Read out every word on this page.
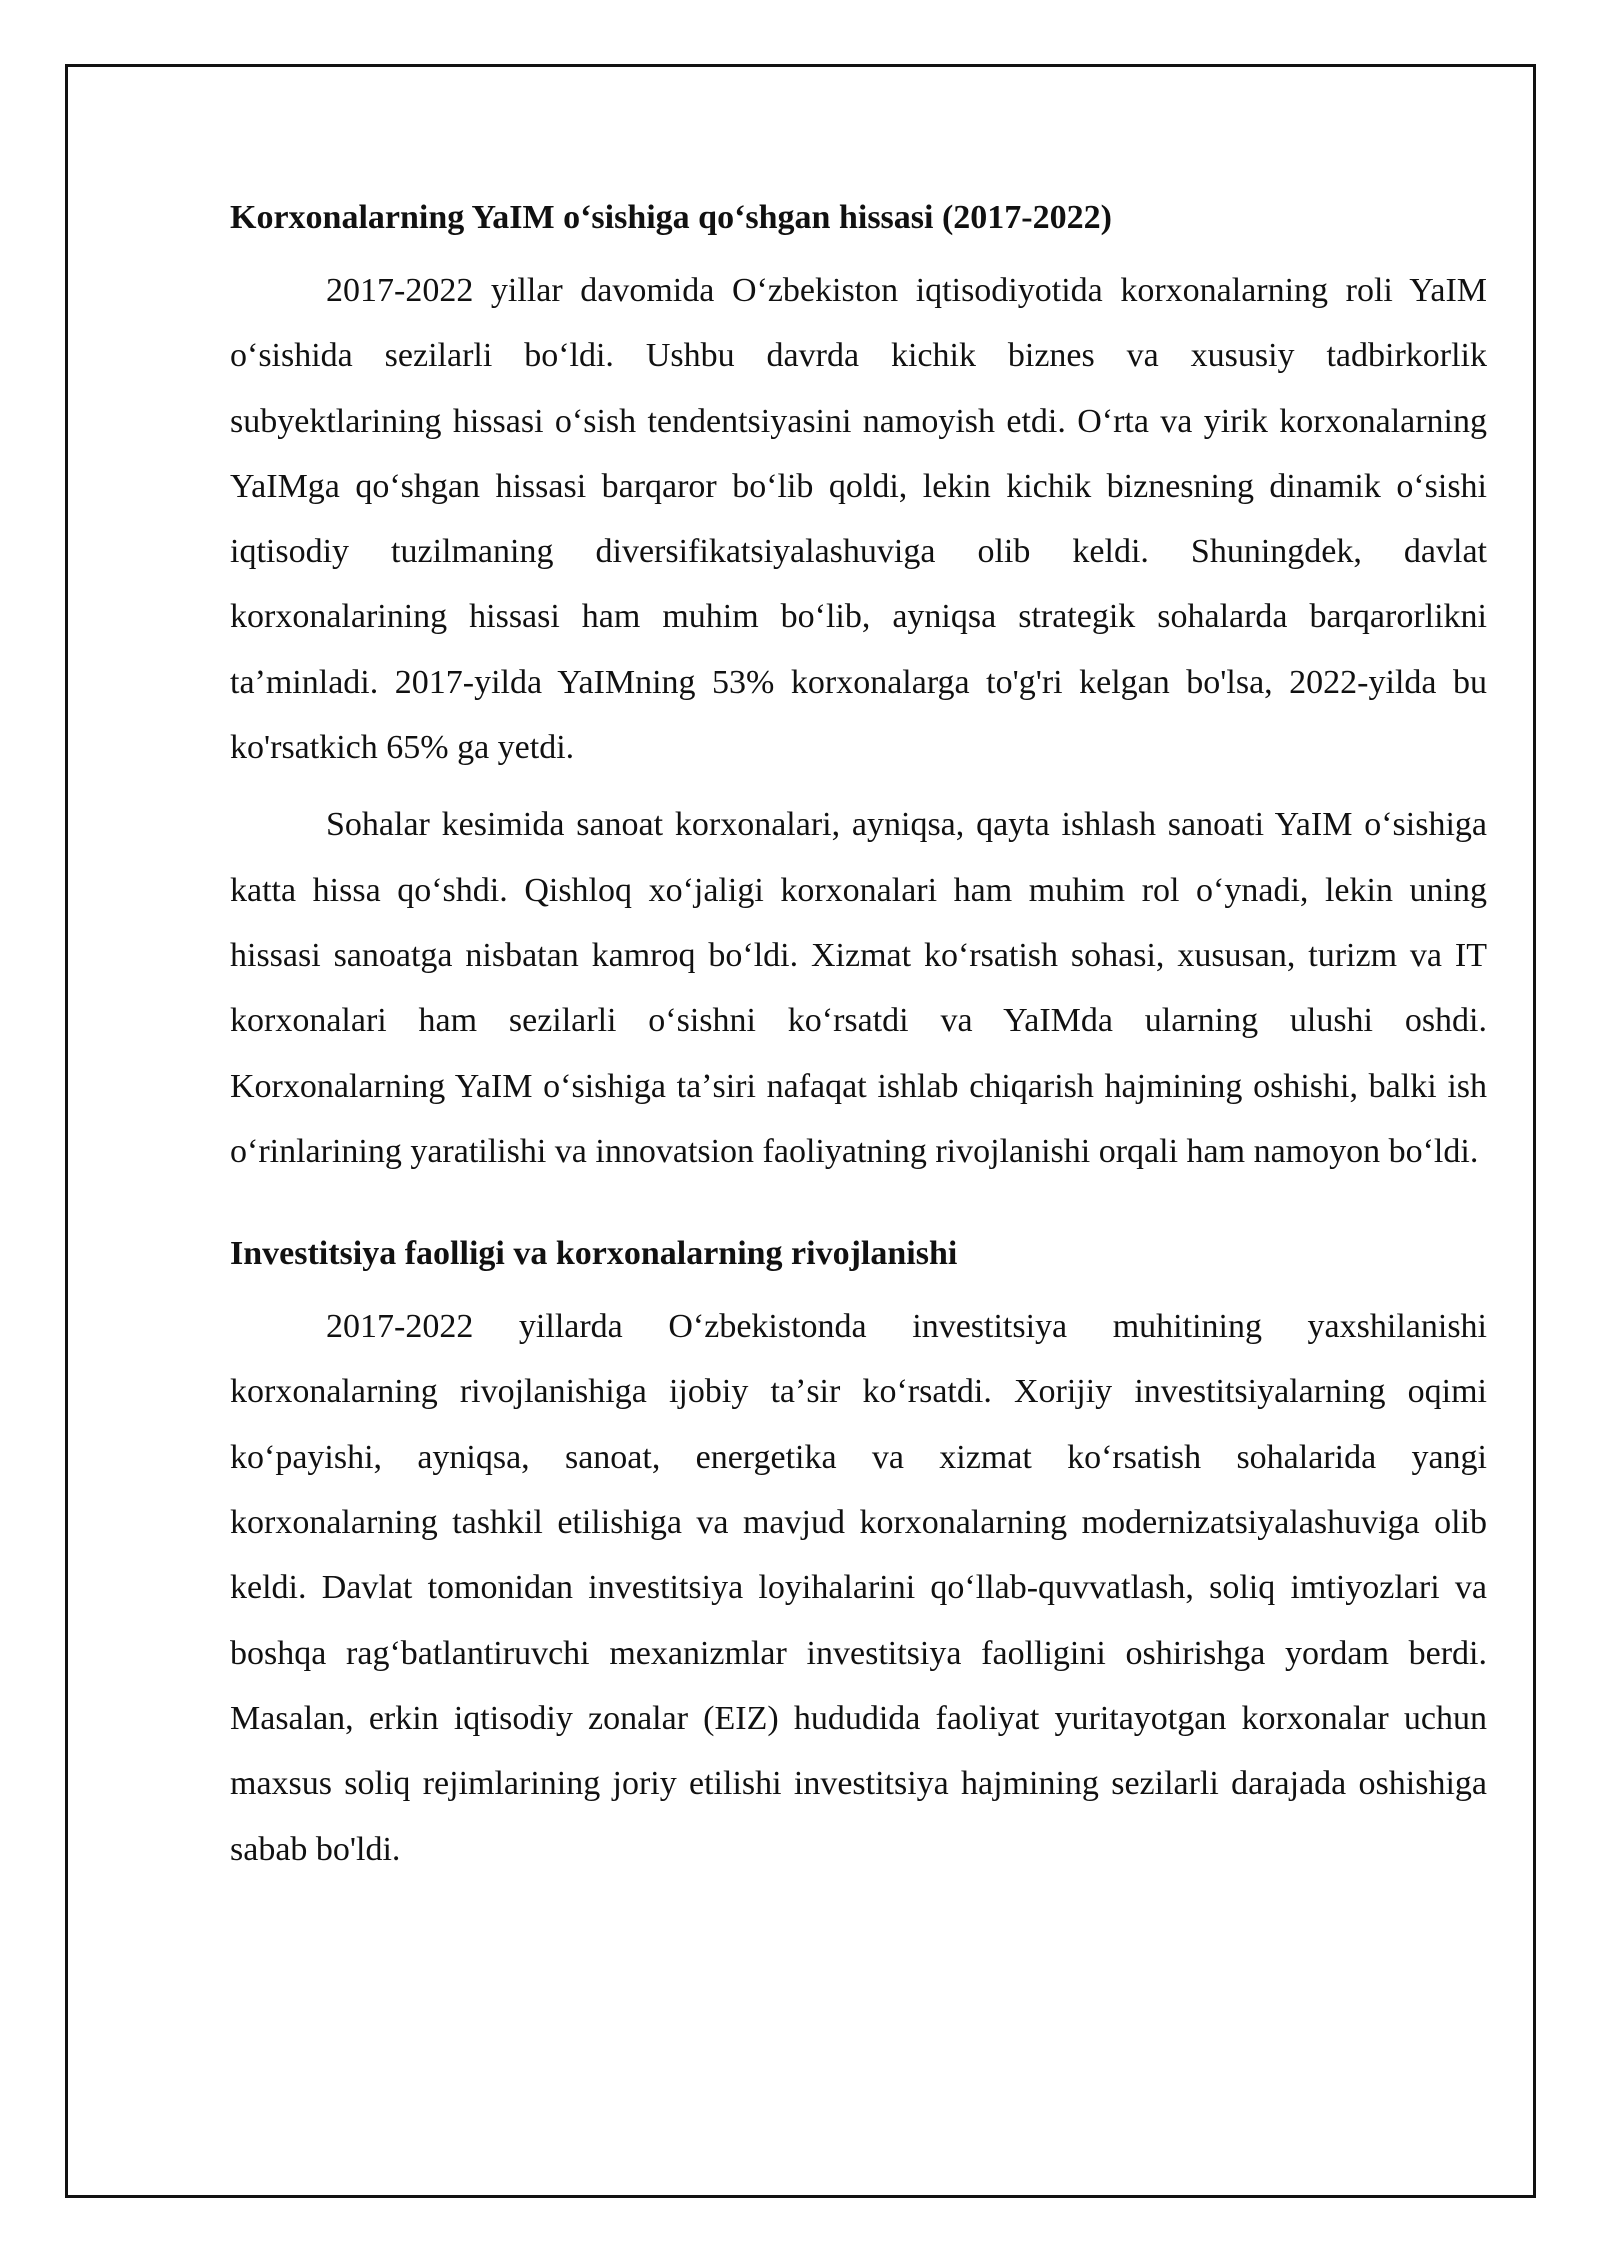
Korxonalarning YaIM oʻsishiga qoʻshgan hissasi (2017-2022)

2017-2022 yillar davomida Oʻzbekiston iqtisodiyotida korxonalarning roli YaIM oʻsishida sezilarli boʻldi. Ushbu davrda kichik biznes va xususiy tadbirkorlik subyektlarining hissasi oʻsish tendentsiyasini namoyish etdi. Oʻrta va yirik korxonalarning YaIMga qoʻshgan hissasi barqaror boʻlib qoldi, lekin kichik biznesning dinamik oʻsishi iqtisodiy tuzilmaning diversifikatsiyalashuviga olib keldi. Shuningdek, davlat korxonalarining hissasi ham muhim boʻlib, ayniqsa strategik sohalarda barqarorlikni taʼminladi. 2017-yilda YaIMning 53% korxonalarga to'g'ri kelgan bo'lsa, 2022-yilda bu ko'rsatkich 65% ga yetdi.

Sohalar kesimida sanoat korxonalari, ayniqsa, qayta ishlash sanoati YaIM oʻsishiga katta hissa qoʻshdi. Qishloq xoʻjaligi korxonalari ham muhim rol oʻynadi, lekin uning hissasi sanoatga nisbatan kamroq boʻldi. Xizmat koʻrsatish sohasi, xususan, turizm va IT korxonalari ham sezilarli oʻsishni koʻrsatdi va YaIMda ularning ulushi oshdi. Korxonalarning YaIM oʻsishiga taʼsiri nafaqat ishlab chiqarish hajmining oshishi, balki ish oʻrinlarining yaratilishi va innovatsion faoliyatning rivojlanishi orqali ham namoyon boʻldi.

Investitsiya faolligi va korxonalarning rivojlanishi

2017-2022 yillarda Oʻzbekistonda investitsiya muhitining yaxshilanishi korxonalarning rivojlanishiga ijobiy taʼsir koʻrsatdi. Xorijiy investitsiyalarning oqimi koʻpayishi, ayniqsa, sanoat, energetika va xizmat koʻrsatish sohalarida yangi korxonalarning tashkil etilishiga va mavjud korxonalarning modernizatsiyalashuviga olib keldi. Davlat tomonidan investitsiya loyihalarini qoʻllab-quvvatlash, soliq imtiyozlari va boshqa ragʻbatlantiruvchi mexanizmlar investitsiya faolligini oshirishga yordam berdi. Masalan, erkin iqtisodiy zonalar (EIZ) hududida faoliyat yuritayotgan korxonalar uchun maxsus soliq rejimlarining joriy etilishi investitsiya hajmining sezilarli darajada oshishiga sabab bo'ldi.
